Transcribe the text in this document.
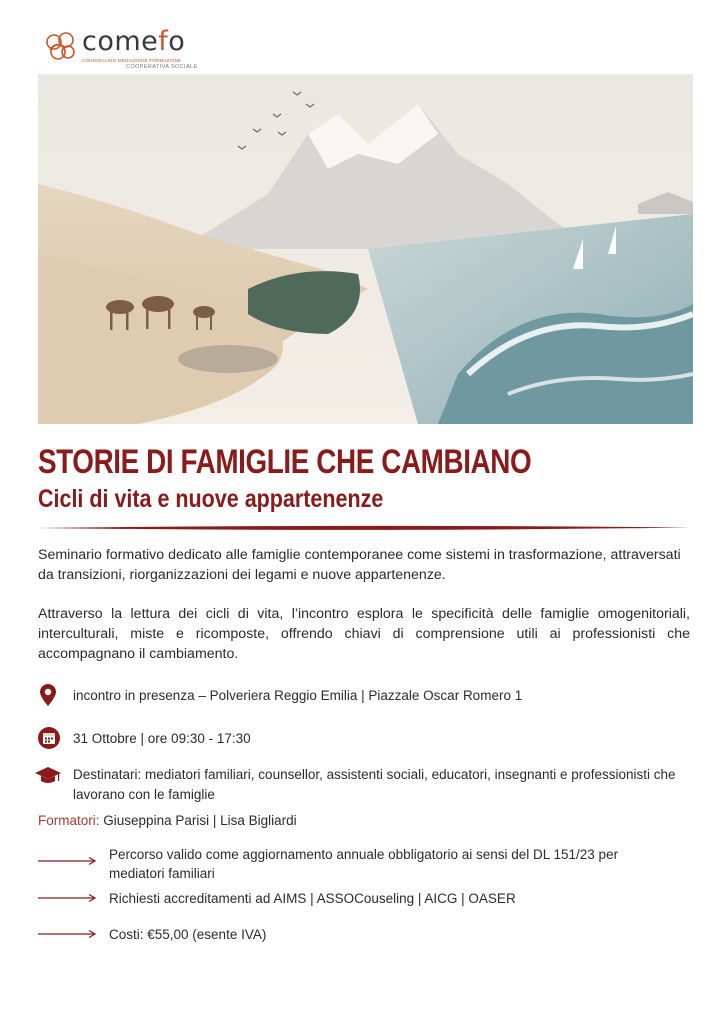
comefo
COUNSELLING MEDIAZIONE FORMAZIONE
COOPERATIVA SOCIALE
STORIE DI FAMIGLIE CHE CAMBIANO
Cicli di vita e nuove appartenenze

Seminario formativo dedicato alle famiglie contemporanee come sistemi in trasformazione, attraversati da transizioni, riorganizzazioni dei legami e nuove appartenenze.

Attraverso la lettura dei cicli di vita, l’incontro esplora le specificità delle famiglie omogenitoriali, interculturali, miste e ricomposte, offrendo chiavi di comprensione utili ai professionisti che accompagnano il cambiamento.

incontro in presenza – Polveriera Reggio Emilia | Piazzale Oscar Romero 1
31 Ottobre | ore 09:30 - 17:30
Destinatari: mediatori familiari, counsellor, assistenti sociali, educatori, insegnanti e professionisti che lavorano con le famiglie
Formatori: Giuseppina Parisi | Lisa Bigliardi
Percorso valido come aggiornamento annuale obbligatorio ai sensi del DL 151/23 per mediatori familiari
Richiesti accreditamenti ad AIMS | ASSOCouseling | AICG | OASER
Costi: €55,00 (esente IVA)
